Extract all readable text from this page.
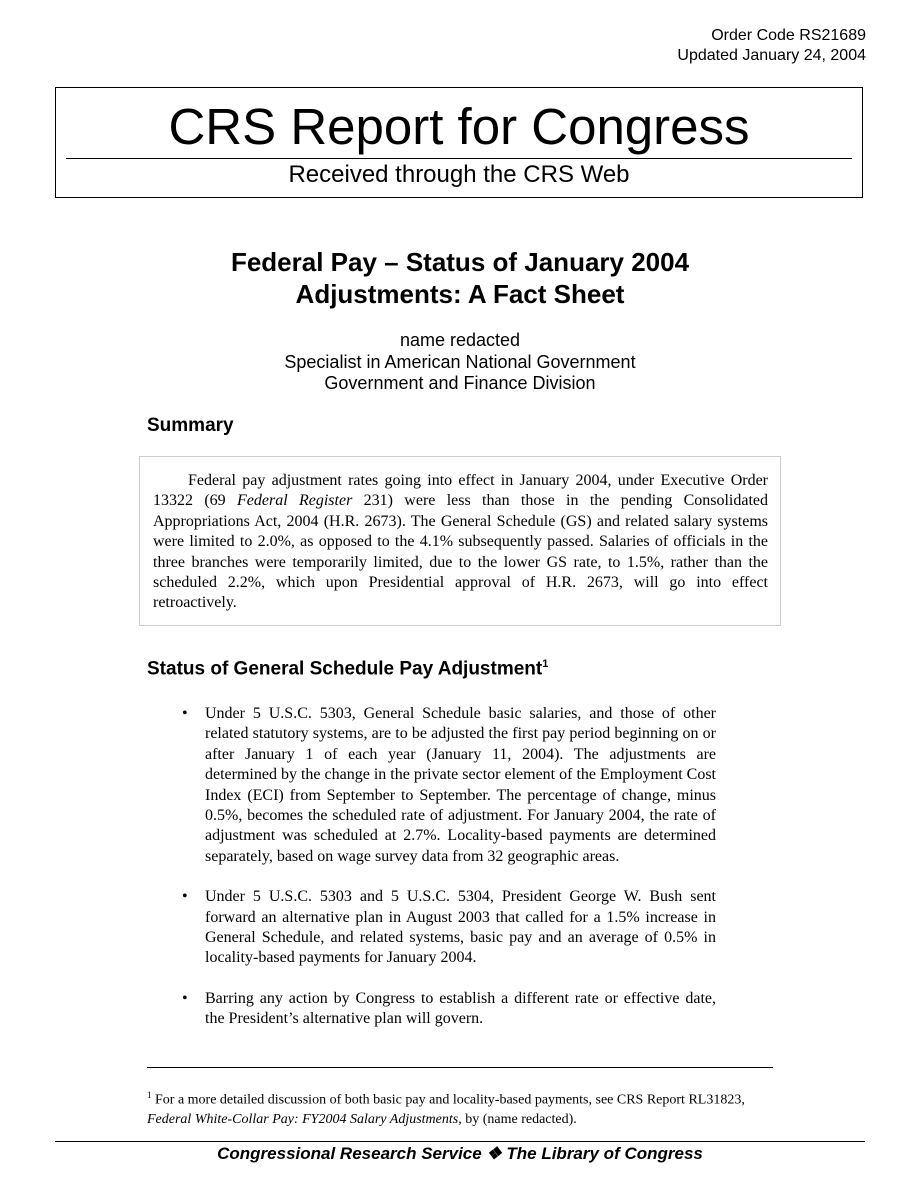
Order Code RS21689
Updated January 24, 2004
CRS Report for Congress
Received through the CRS Web
Federal Pay – Status of January 2004
Adjustments: A Fact Sheet
name redacted
Specialist in American National Government
Government and Finance Division
Summary
Federal pay adjustment rates going into effect in January 2004, under Executive Order 13322 (69 Federal Register 231) were less than those in the pending Consolidated Appropriations Act, 2004 (H.R. 2673). The General Schedule (GS) and related salary systems were limited to 2.0%, as opposed to the 4.1% subsequently passed. Salaries of officials in the three branches were temporarily limited, due to the lower GS rate, to 1.5%, rather than the scheduled 2.2%, which upon Presidential approval of H.R. 2673, will go into effect retroactively.
Status of General Schedule Pay Adjustment$^1$
• Under 5 U.S.C. 5303, General Schedule basic salaries, and those of other related statutory systems, are to be adjusted the first pay period beginning on or after January 1 of each year (January 11, 2004). The adjustments are determined by the change in the private sector element of the Employment Cost Index (ECI) from September to September. The percentage of change, minus 0.5%, becomes the scheduled rate of adjustment. For January 2004, the rate of adjustment was scheduled at 2.7%. Locality-based payments are determined separately, based on wage survey data from 32 geographic areas.
• Under 5 U.S.C. 5303 and 5 U.S.C. 5304, President George W. Bush sent forward an alternative plan in August 2003 that called for a 1.5% increase in General Schedule, and related systems, basic pay and an average of 0.5% in locality-based payments for January 2004.
• Barring any action by Congress to establish a different rate or effective date, the President’s alternative plan will govern.
$^1$ For a more detailed discussion of both basic pay and locality-based payments, see CRS Report RL31823, Federal White-Collar Pay: FY2004 Salary Adjustments, by (name redacted).
Congressional Research Service ❖ The Library of Congress
